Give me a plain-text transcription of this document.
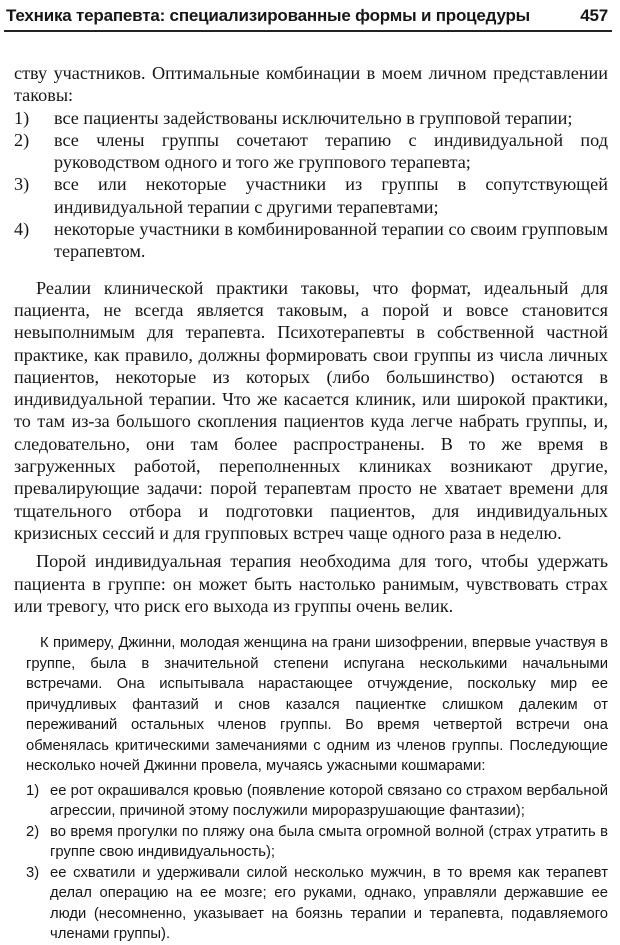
Техника терапевта: специализированные формы и процедуры	457

ству участников. Оптимальные комбинации в моем личном представлении таковы:

1)	все пациенты задействованы исключительно в групповой терапии;
2)	все члены группы сочетают терапию с индивидуальной под руководством одного и того же группового терапевта;
3)	все или некоторые участники из группы в сопутствующей индивидуальной терапии с другими терапевтами;
4)	некоторые участники в комбинированной терапии со своим групповым терапевтом.

Реалии клинической практики таковы, что формат, идеальный для пациента, не всегда является таковым, а порой и вовсе становится невыполнимым для терапевта. Психотерапевты в собственной частной практике, как правило, должны формировать свои группы из числа личных пациентов, некоторые из которых (либо большинство) остаются в индивидуальной терапии. Что же касается клиник, или широкой практики, то там из-за большого скопления пациентов куда легче набрать группы, и, следовательно, они там более распространены. В то же время в загруженных работой, переполненных клиниках возникают другие, превалирующие задачи: порой терапевтам просто не хватает времени для тщательного отбора и подготовки пациентов, для индивидуальных кризисных сессий и для групповых встреч чаще одного раза в неделю.

Порой индивидуальная терапия необходима для того, чтобы удержать пациента в группе: он может быть настолько ранимым, чувствовать страх или тревогу, что риск его выхода из группы очень велик.

К примеру, Джинни, молодая женщина на грани шизофрении, впервые участвуя в группе, была в значительной степени испугана несколькими начальными встречами. Она испытывала нарастающее отчуждение, поскольку мир ее причудливых фантазий и снов казался пациентке слишком далеким от переживаний остальных членов группы. Во время четвертой встречи она обменялась критическими замечаниями с одним из членов группы. Последующие несколько ночей Джинни провела, мучаясь ужасными кошмарами:

1) ее рот окрашивался кровью (появление которой связано со страхом вербальной агрессии, причиной этому послужили мироразрушающие фантазии);
2) во время прогулки по пляжу она была смыта огромной волной (страх утратить в группе свою индивидуальность);
3) ее схватили и удерживали силой несколько мужчин, в то время как терапевт делал операцию на ее мозге; его руками, однако, управляли державшие ее люди (несомненно, указывает на боязнь терапии и терапевта, подавляемого членами группы).
